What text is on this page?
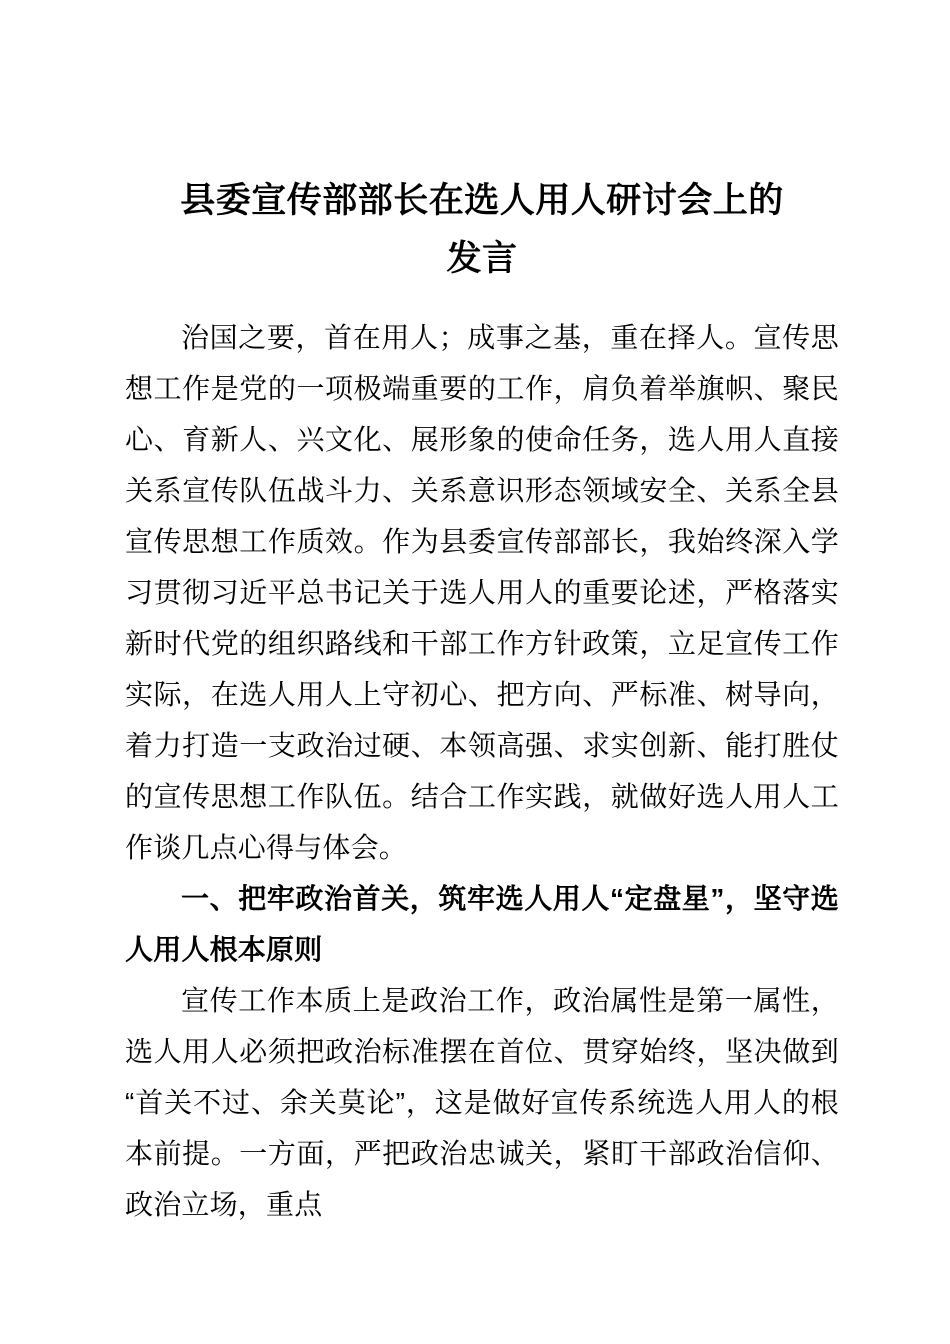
县委宣传部部长在选人用人研讨会上的
发言

治国之要，首在用人；成事之基，重在择人。宣传思想工作是党的一项极端重要的工作，肩负着举旗帜、聚民心、育新人、兴文化、展形象的使命任务，选人用人直接关系宣传队伍战斗力、关系意识形态领域安全、关系全县宣传思想工作质效。作为县委宣传部部长，我始终深入学习贯彻习近平总书记关于选人用人的重要论述，严格落实新时代党的组织路线和干部工作方针政策，立足宣传工作实际，在选人用人上守初心、把方向、严标准、树导向，着力打造一支政治过硬、本领高强、求实创新、能打胜仗的宣传思想工作队伍。结合工作实践，就做好选人用人工作谈几点心得与体会。

一、把牢政治首关，筑牢选人用人“定盘星”，坚守选人用人根本原则

宣传工作本质上是政治工作，政治属性是第一属性，选人用人必须把政治标准摆在首位、贯穿始终，坚决做到“首关不过、余关莫论”，这是做好宣传系统选人用人的根本前提。一方面，严把政治忠诚关，紧盯干部政治信仰、政治立场，重点
